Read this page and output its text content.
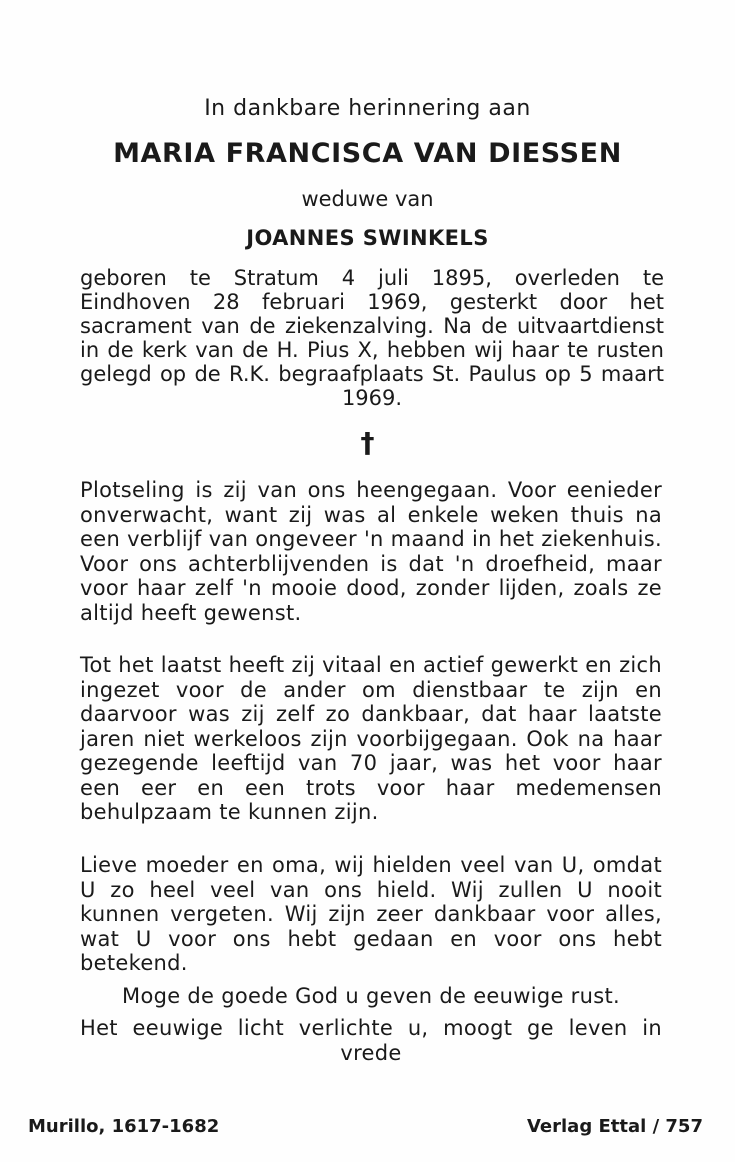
In dankbare herinnering aan
MARIA FRANCISCA VAN DIESSEN
weduwe van
JOANNES SWINKELS
geboren te Stratum 4 juli 1895, overleden te Eindhoven 28 februari 1969, gesterkt door het sacrament van de ziekenzalving. Na de uitvaartdienst in de kerk van de H. Pius X, hebben wij haar te rusten gelegd op de R.K. begraafplaats St. Paulus op 5 maart 1969.
†
Plotseling is zij van ons heengegaan. Voor eenieder onverwacht, want zij was al enkele weken thuis na een verblijf van ongeveer 'n maand in het ziekenhuis. Voor ons achterblijvenden is dat 'n droefheid, maar voor haar zelf 'n mooie dood, zonder lijden, zoals ze altijd heeft gewenst.
Tot het laatst heeft zij vitaal en actief gewerkt en zich ingezet voor de ander om dienstbaar te zijn en daarvoor was zij zelf zo dankbaar, dat haar laatste jaren niet werkeloos zijn voorbijgegaan. Ook na haar gezegende leeftijd van 70 jaar, was het voor haar een eer en een trots voor haar medemensen behulpzaam te kunnen zijn.
Lieve moeder en oma, wij hielden veel van U, omdat U zo heel veel van ons hield. Wij zullen U nooit kunnen vergeten. Wij zijn zeer dankbaar voor alles, wat U voor ons hebt gedaan en voor ons hebt betekend.
Moge de goede God u geven de eeuwige rust.
Het eeuwige licht verlichte u, moogt ge leven in vrede
Murillo, 1617-1682	Verlag Ettal / 757
